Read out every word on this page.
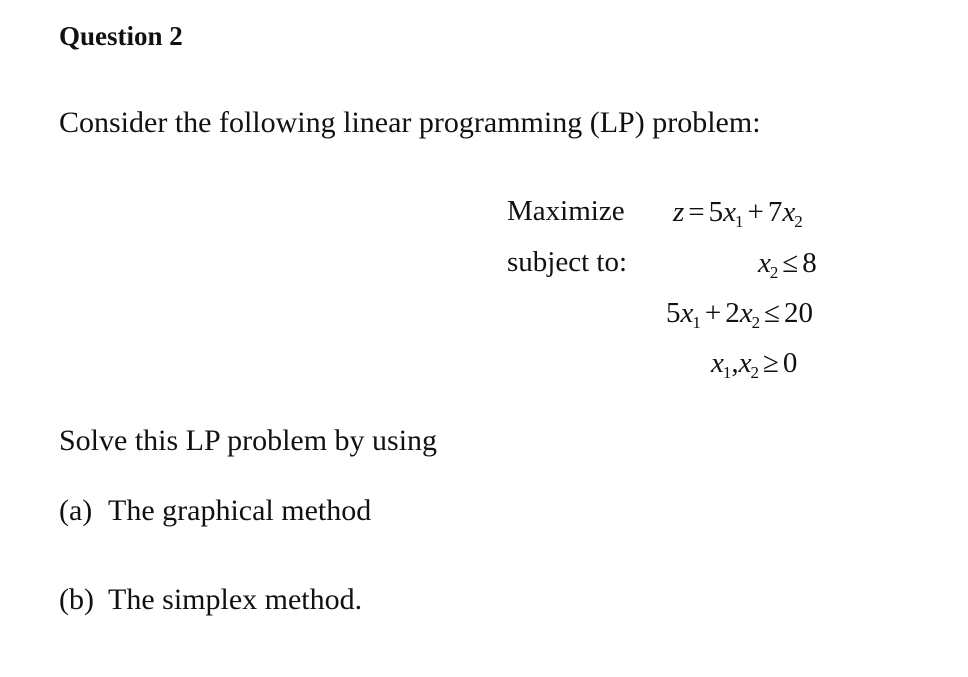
Question 2
Consider the following linear programming (LP) problem:
Maximize
subject to:
$z = 5x_1 + 7x_2$
$x_2 \le 8$
$5x_1 + 2x_2 \le 20$
$x_1,x_2 \ge 0$
Solve this LP problem by using
(a) The graphical method
(b) The simplex method.
